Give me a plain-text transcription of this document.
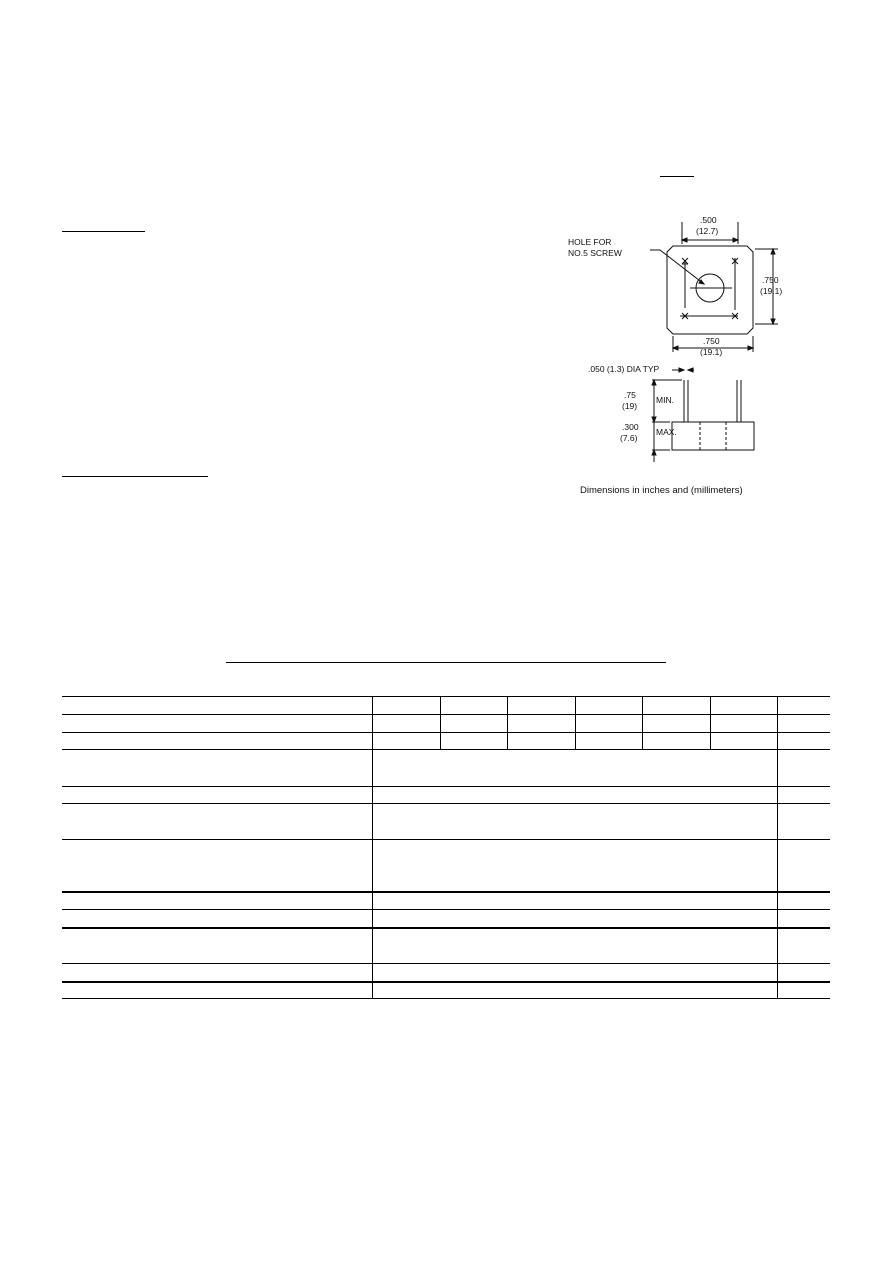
.500
(12.7)
HOLE FOR
NO.5 SCREW
.750
(19.1)
.750
(19.1)
.050 (1.3) DIA TYP
.75
(19)
MIN.
.300
(7.6)
MAX.
Dimensions in inches and (millimeters)
